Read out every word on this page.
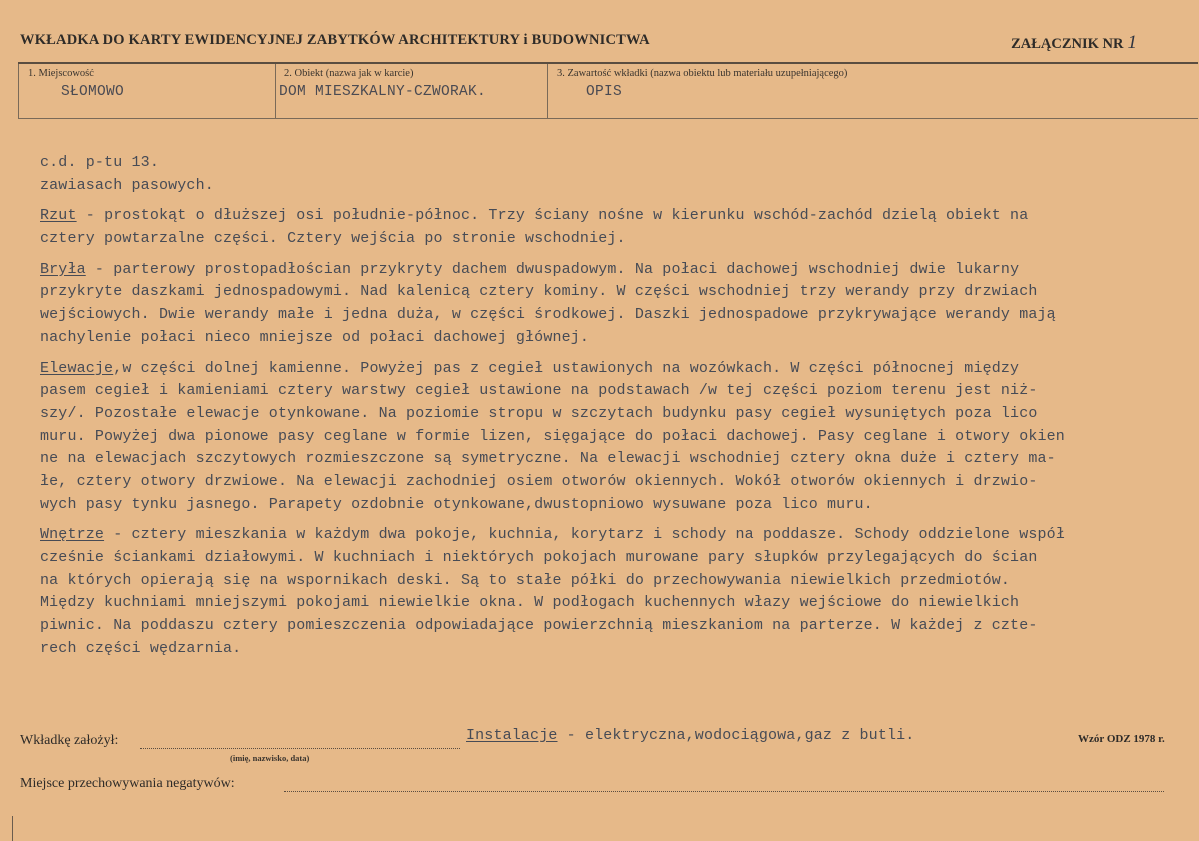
WKŁADKA DO KARTY EWIDENCYJNEJ ZABYTKÓW ARCHITEKTURY i BUDOWNICTWA	ZAŁĄCZNIK NR 1
1. Miejscowość
SŁOMOWO
2. Obiekt (nazwa jak w karcie)
DOM MIESZKALNY-CZWORAK.
3. Zawartość wkładki (nazwa obiektu lub materiału uzupełniającego)
OPIS
c.d. p-tu 13.
zawiasach pasowych.
Rzut - prostokąt o dłuższej osi południe-północ. Trzy ściany nośne w kierunku wschód-zachód dzielą obiekt na
cztery powtarzalne części. Cztery wejścia po stronie wschodniej.
Bryła - parterowy prostopadłościan przykryty dachem dwuspadowym. Na połaci dachowej wschodniej dwie lukarny
przykryte daszkami jednospadowymi. Nad kalenicą cztery kominy. W części wschodniej trzy werandy przy drzwiach
wejściowych. Dwie werandy małe i jedna duża, w części środkowej. Daszki jednospadowe przykrywające werandy mają
nachylenie połaci nieco mniejsze od połaci dachowej głównej.
Elewacje,w części dolnej kamienne. Powyżej pas z cegieł ustawionych na wozówkach. W części północnej między
pasem cegieł i kamieniami cztery warstwy cegieł ustawione na podstawach /w tej części poziom terenu jest niż-
szy/. Pozostałe elewacje otynkowane. Na poziomie stropu w szczytach budynku pasy cegieł wysuniętych poza lico
muru. Powyżej dwa pionowe pasy ceglane w formie lizen, sięgające do połaci dachowej. Pasy ceglane i otwory okien
ne na elewacjach szczytowych rozmieszczone są symetryczne. Na elewacji wschodniej cztery okna duże i cztery ma-
łe, cztery otwory drzwiowe. Na elewacji zachodniej osiem otworów okiennych. Wokół otworów okiennych i drzwio-
wych pasy tynku jasnego. Parapety ozdobnie otynkowane,dwustopniowo wysuwane poza lico muru.
Wnętrze - cztery mieszkania w każdym dwa pokoje, kuchnia, korytarz i schody na poddasze. Schody oddzielone współ
cześnie ściankami działowymi. W kuchniach i niektórych pokojach murowane pary słupków przylegających do ścian
na których opierają się na wspornikach deski. Są to stałe półki do przechowywania niewielkich przedmiotów.
Między kuchniami mniejszymi pokojami niewielkie okna. W podłogach kuchennych włazy wejściowe do niewielkich
piwnic. Na poddaszu cztery pomieszczenia odpowiadające powierzchnią mieszkaniom na parterze. W każdej z czte-
rech części wędzarnia.
Wkładkę założył:
(imię, nazwisko, data)
Instalacje - elektryczna,wodociągowa,gaz z butli.	Wzór ODZ 1978 r.
Miejsce przechowywania negatywów:
